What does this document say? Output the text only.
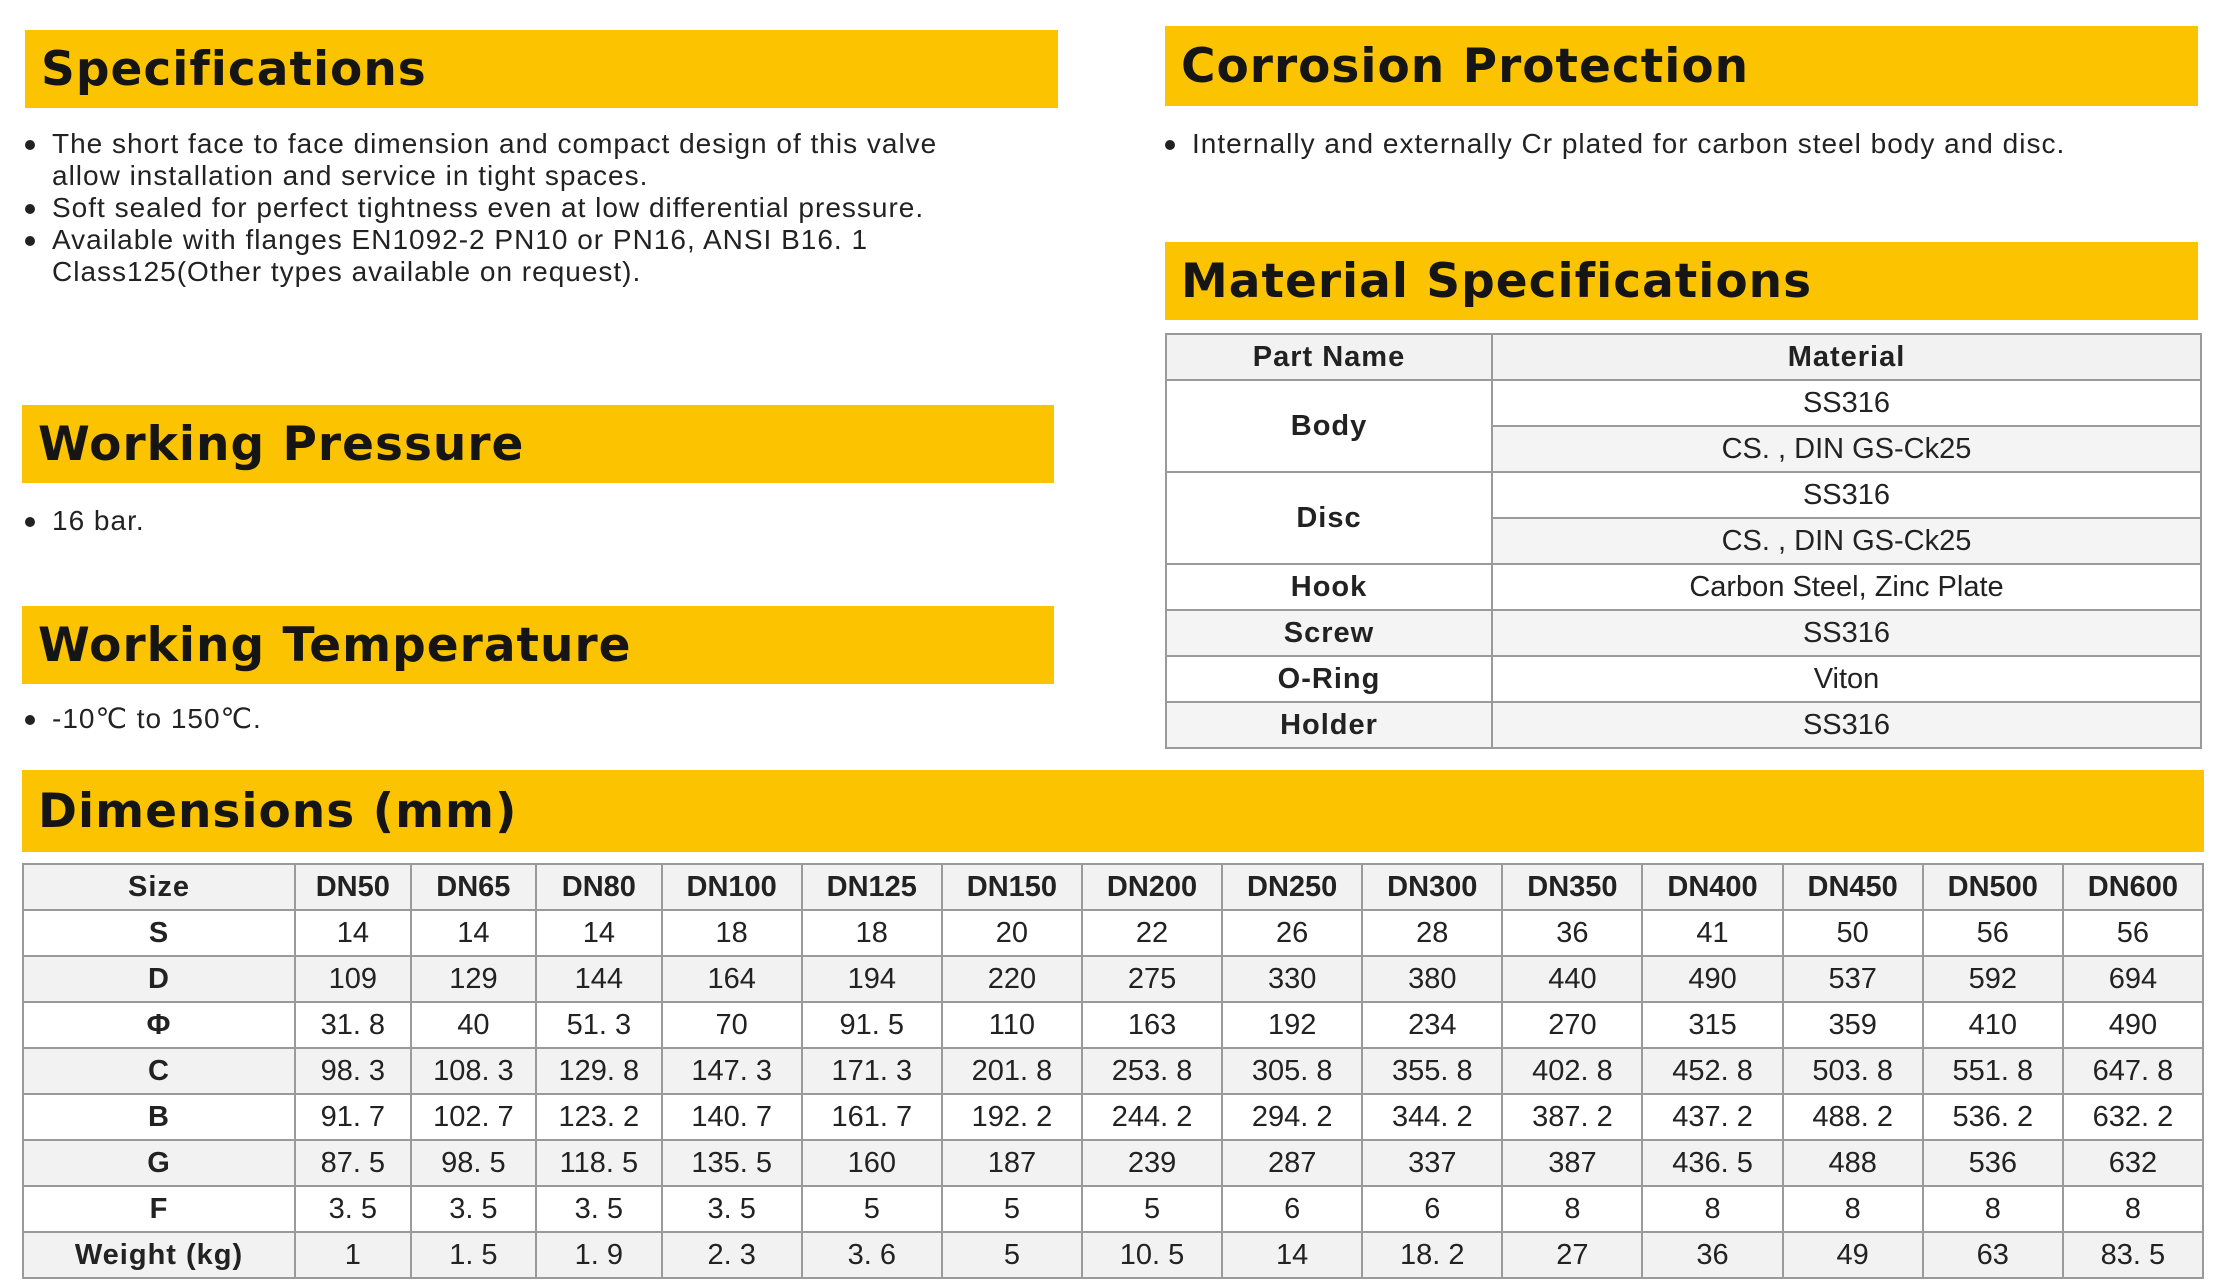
Specifications
The short face to face dimension and compact design of this valve
allow installation and service in tight spaces.
Soft sealed for perfect tightness even at low differential pressure.
Available with flanges EN1092-2 PN10 or PN16, ANSI B16. 1
Class125(Other types available on request).
Working Pressure
16 bar.
Working Temperature
-10℃ to 150℃.
Corrosion Protection
Internally and externally Cr plated for carbon steel body and disc.
Material Specifications
Part Name	Material
Body	SS316
	CS. , DIN GS-Ck25
Disc	SS316
	CS. , DIN GS-Ck25
Hook	Carbon Steel, Zinc Plate
Screw	SS316
O-Ring	Viton
Holder	SS316
Dimensions (mm)
Size	DN50	DN65	DN80	DN100	DN125	DN150	DN200	DN250	DN300	DN350	DN400	DN450	DN500	DN600
S	14	14	14	18	18	20	22	26	28	36	41	50	56	56
D	109	129	144	164	194	220	275	330	380	440	490	537	592	694
Φ	31. 8	40	51. 3	70	91. 5	110	163	192	234	270	315	359	410	490
C	98. 3	108. 3	129. 8	147. 3	171. 3	201. 8	253. 8	305. 8	355. 8	402. 8	452. 8	503. 8	551. 8	647. 8
B	91. 7	102. 7	123. 2	140. 7	161. 7	192. 2	244. 2	294. 2	344. 2	387. 2	437. 2	488. 2	536. 2	632. 2
G	87. 5	98. 5	118. 5	135. 5	160	187	239	287	337	387	436. 5	488	536	632
F	3. 5	3. 5	3. 5	3. 5	5	5	5	6	6	8	8	8	8	8
Weight (kg)	1	1. 5	1. 9	2. 3	3. 6	5	10. 5	14	18. 2	27	36	49	63	83. 5
